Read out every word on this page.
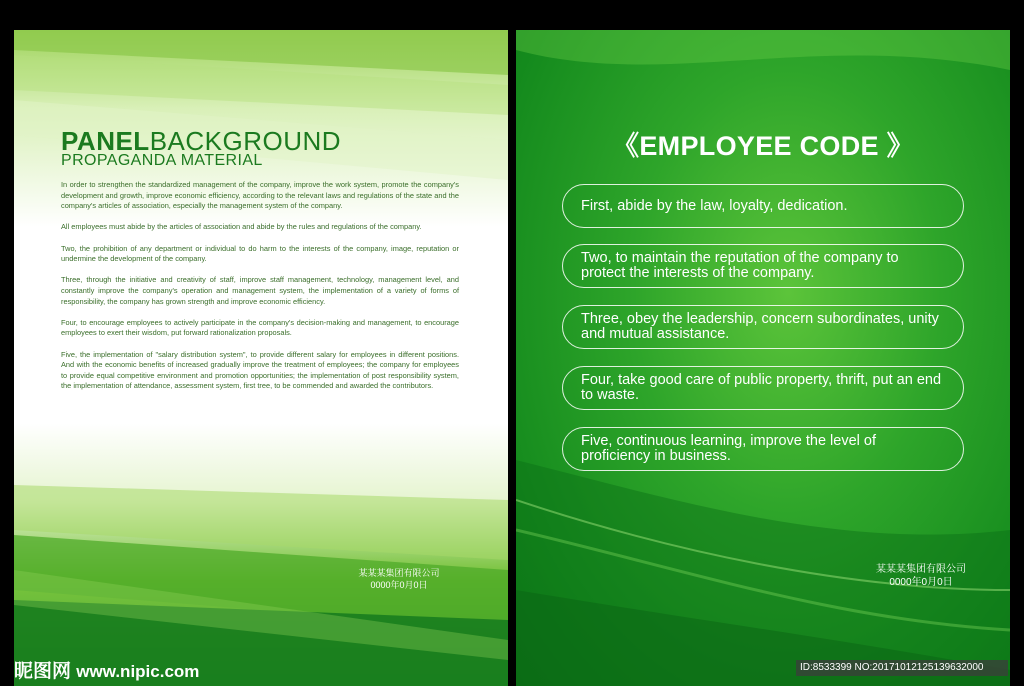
PANELBACKGROUND
PROPAGANDA MATERIAL

In order to strengthen the standardized management of the company, improve the work system, promote the company's development and growth, improve economic efficiency, according to the relevant laws and regulations of the state and the company's articles of association, especially the management system of the company.

All employees must abide by the articles of association and abide by the rules and regulations of the company.

Two, the prohibition of any department or individual to do harm to the interests of the company, image, reputation or undermine the development of the company.

Three, through the initiative and creativity of staff, improve staff management, technology, management level, and constantly improve the company's operation and management system, the implementation of a variety of forms of responsibility, the company has grown strength and improve economic efficiency.

Four, to encourage employees to actively participate in the company's decision-making and management, to encourage employees to exert their wisdom, put forward rationalization proposals.

Five, the implementation of "salary distribution system", to provide different salary for employees in different positions. And with the economic benefits of increased gradually improve the treatment of employees; the company for employees to provide equal competitive environment and promotion opportunities; the implementation of post responsibility system, the implementation of attendance, assessment system, first tree, to be commended and awarded the contributors.

某某某集团有限公司
0000年0月0日
《EMPLOYEE CODE 》
First, abide by the law, loyalty, dedication.
Two, to maintain the reputation of the company to protect the interests of the company.
Three, obey the leadership, concern subordinates, unity and mutual assistance.
Four, take good care of public property, thrift, put an end to waste.
Five, continuous learning, improve the level of proficiency in business.
某某某集团有限公司
0000年0月0日
昵图网 www.nipic.com	ID:8533399 NO:20171012125139632000
